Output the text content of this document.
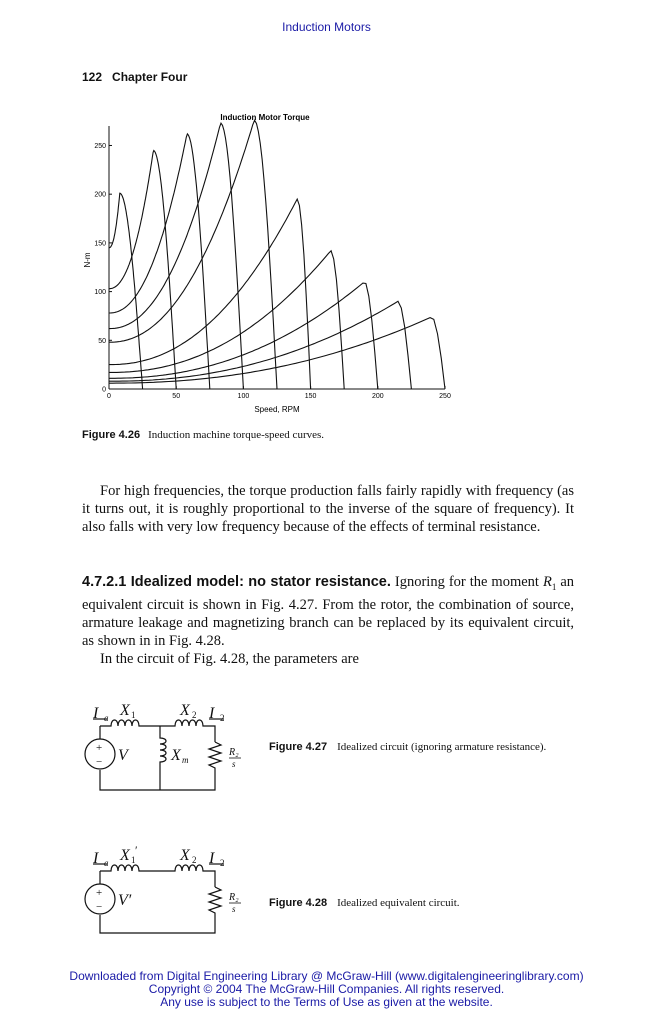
Induction Motors
122 Chapter Four
Induction Motor Torque
0	50	100	150	200	250
0
50
100
150
200
250
N-m
Speed, RPM
Figure 4.26 Induction machine torque-speed curves.

For high frequencies, the torque production falls fairly rapidly with frequency (as it turns out, it is roughly proportional to the inverse of the square of frequency). It also falls with very low frequency because of the effects of terminal resistance.

4.7.2.1 Idealized model: no stator resistance. Ignoring for the moment $R_1$ an equivalent circuit is shown in Fig. 4.27. From the rotor, the combination of source, armature leakage and magnetizing branch can be replaced by its equivalent circuit, as shown in in Fig. 4.28.

In the circuit of Fig. 4.28, the parameters are

I a X 1	X 2 I 2
+
− V	X m
R₂
s
Figure 4.27 Idealized circuit (ignoring armature resistance).
I a X 1
′	X 2 I 2
+
− V′	R₂
s	Figure 4.28 Idealized equivalent circuit.
Downloaded from Digital Engineering Library @ McGraw-Hill (www.digitalengineeringlibrary.com)
Copyright © 2004 The McGraw-Hill Companies. All rights reserved.
Any use is subject to the Terms of Use as given at the website.
